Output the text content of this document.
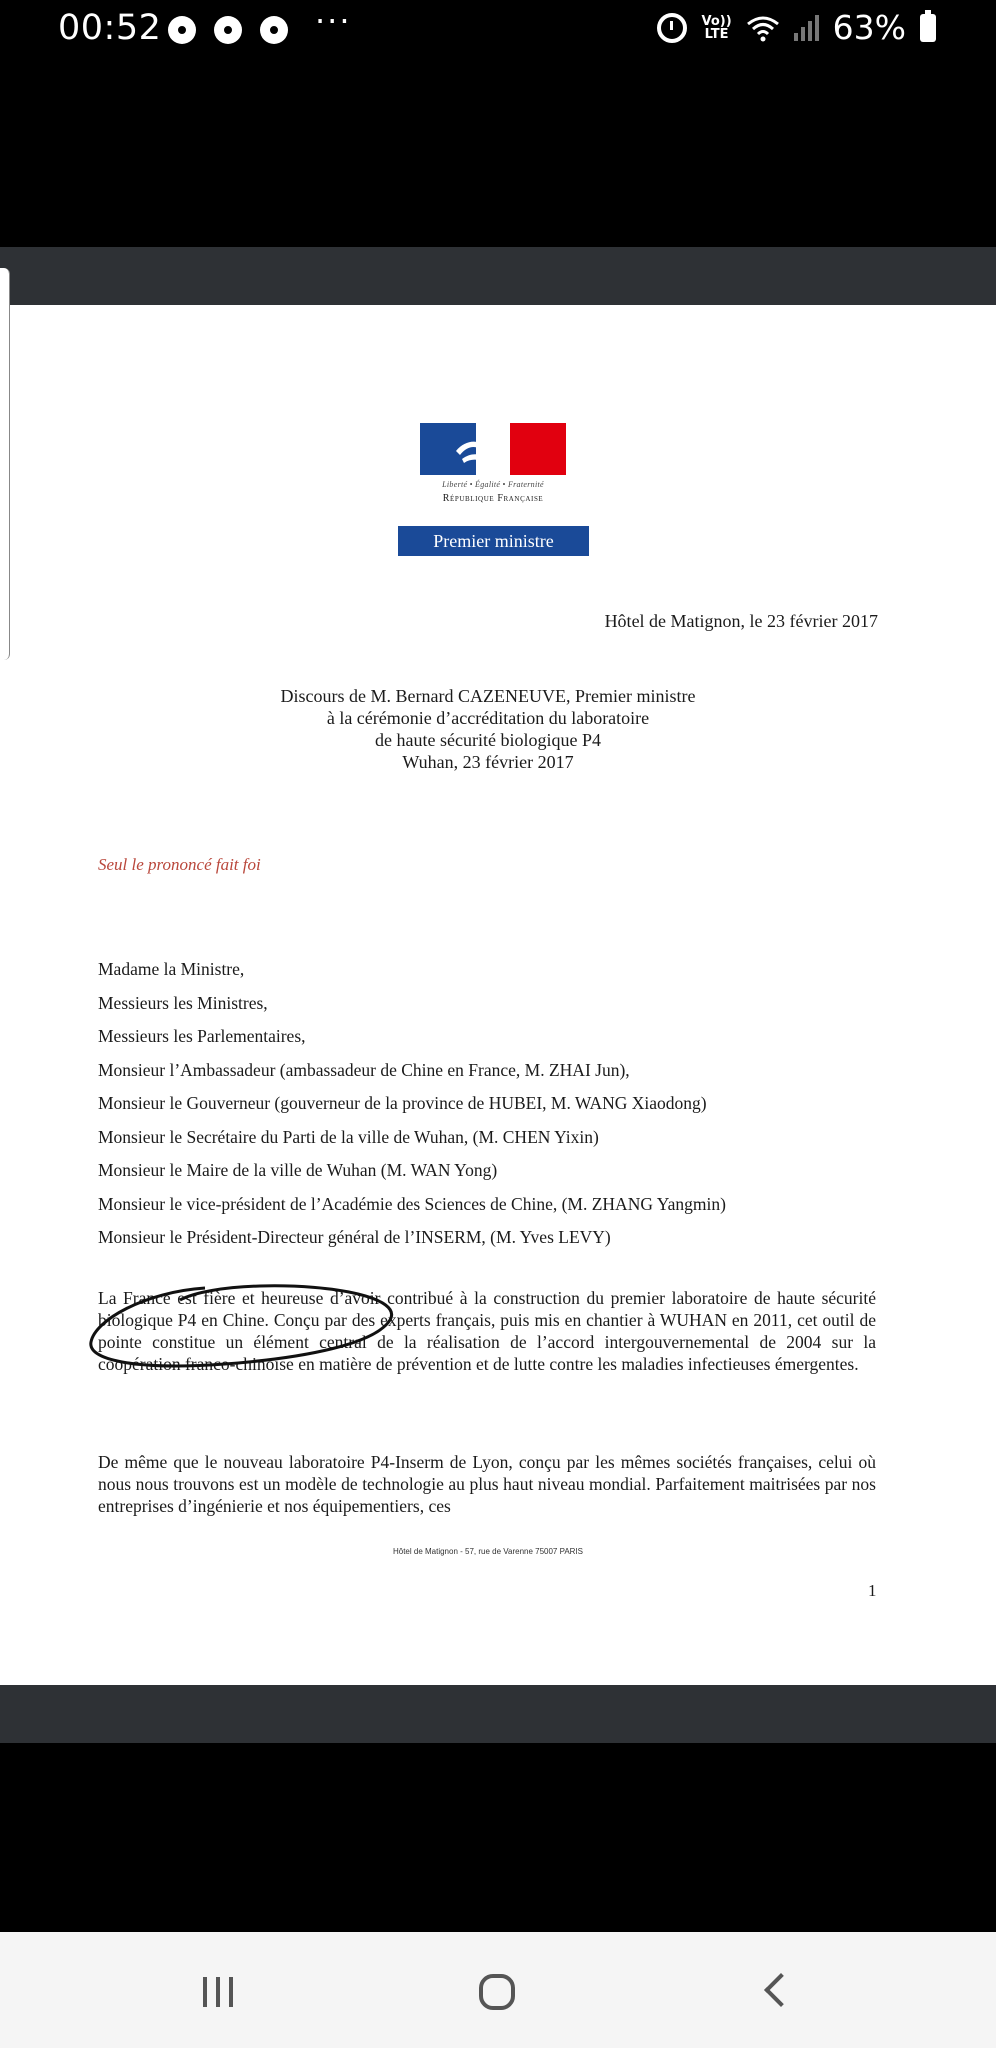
00:52	···	Vo))
LTE	63%
Liberté • Égalité • Fraternité
République Française
Premier ministre
Hôtel de Matignon, le 23 février 2017
Discours de M. Bernard CAZENEUVE, Premier ministre
à la cérémonie d’accréditation du laboratoire
de haute sécurité biologique P4
Wuhan, 23 février 2017
Seul le prononcé fait foi
Madame la Ministre,
Messieurs les Ministres,
Messieurs les Parlementaires,
Monsieur l’Ambassadeur (ambassadeur de Chine en France, M. ZHAI Jun),
Monsieur le Gouverneur (gouverneur de la province de HUBEI, M. WANG Xiaodong)
Monsieur le Secrétaire du Parti de la ville de Wuhan, (M. CHEN Yixin)
Monsieur le Maire de la ville de Wuhan (M. WAN Yong)
Monsieur le vice-président de l’Académie des Sciences de Chine, (M. ZHANG Yangmin)
Monsieur le Président-Directeur général de l’INSERM, (M. Yves LEVY)
La France est fière et heureuse d’avoir contribué à la construction du premier laboratoire de haute sécurité biologique P4 en Chine. Conçu par des experts français, puis mis en chantier à WUHAN en 2011, cet outil de pointe constitue un élément central de la réalisation de l’accord intergouvernemental de 2004 sur la coopération franco-chinoise en matière de prévention et de lutte contre les maladies infectieuses émergentes.
De même que le nouveau laboratoire P4-Inserm de Lyon, conçu par les mêmes sociétés françaises, celui où nous nous trouvons est un modèle de technologie au plus haut niveau mondial. Parfaitement maitrisées par nos entreprises d’ingénierie et nos équipementiers, ces
Hôtel de Matignon - 57, rue de Varenne 75007 PARIS
1
